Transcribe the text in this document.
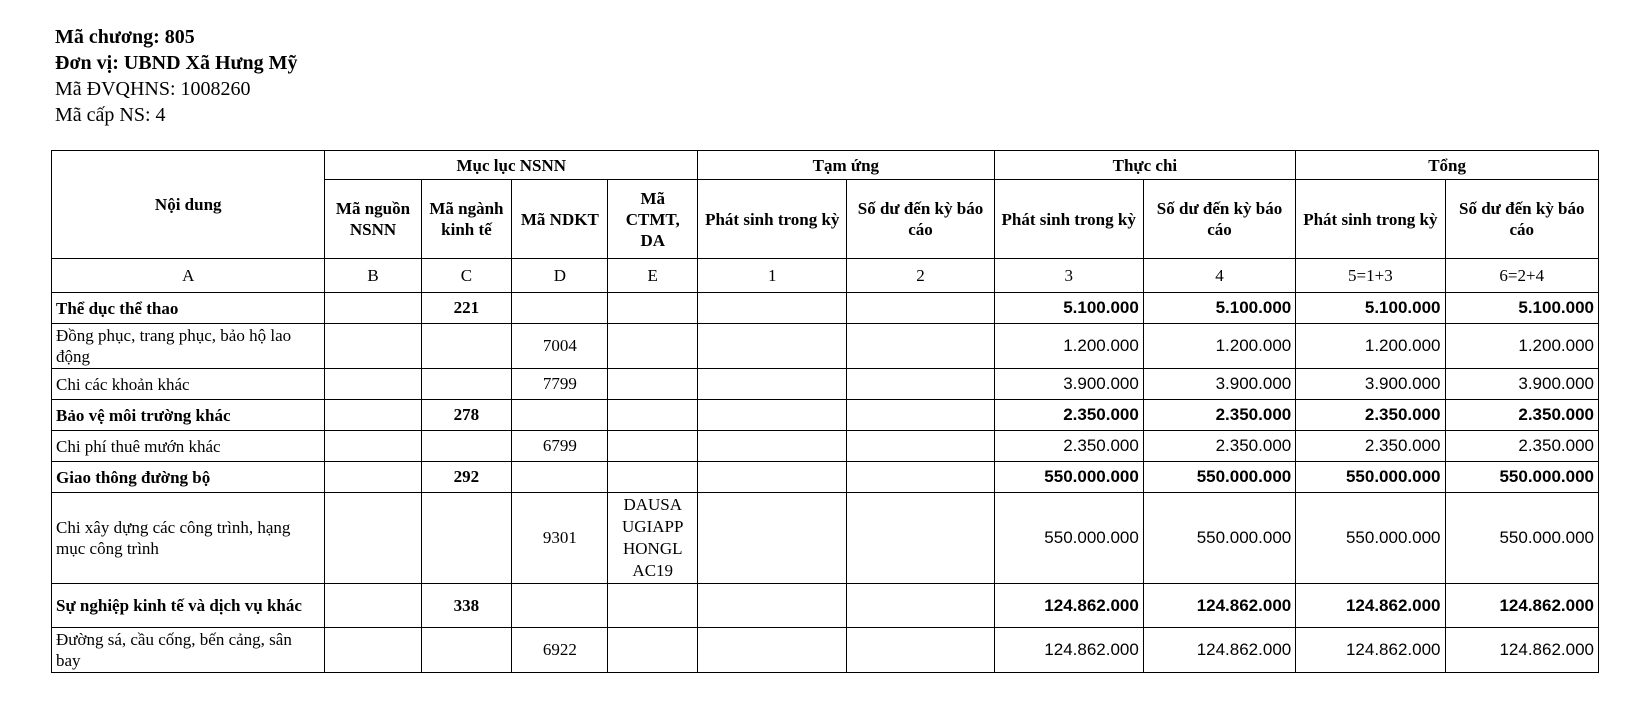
Mã chương: 805
Đơn vị: UBND Xã Hưng Mỹ
Mã ĐVQHNS: 1008260
Mã cấp NS: 4
Nội dung	Mục lục NSNN				Tạm ứng		Thực chi		Tổng	
	Mã nguồn NSNN	Mã ngành kinh tế	Mã NDKT	Mã CTMT, DA	Phát sinh trong kỳ	Số dư đến kỳ báo cáo	Phát sinh trong kỳ	Số dư đến kỳ báo cáo	Phát sinh trong kỳ	Số dư đến kỳ báo cáo
A	B	C	D	E	1	2	3	4	5=1+3	6=2+4
Thể dục thể thao		221					5.100.000	5.100.000	5.100.000	5.100.000
Đồng phục, trang phục, bảo hộ lao động			7004				1.200.000	1.200.000	1.200.000	1.200.000
Chi các khoản khác			7799				3.900.000	3.900.000	3.900.000	3.900.000
Bảo vệ môi trường khác		278					2.350.000	2.350.000	2.350.000	2.350.000
Chi phí thuê mướn khác			6799				2.350.000	2.350.000	2.350.000	2.350.000
Giao thông đường bộ		292					550.000.000	550.000.000	550.000.000	550.000.000
Chi xây dựng các công trình, hạng mục công trình			9301	DAUSA
UGIAPP
HONGL
AC19			550.000.000	550.000.000	550.000.000	550.000.000
Sự nghiệp kinh tế và dịch vụ khác		338					124.862.000	124.862.000	124.862.000	124.862.000
Đường sá, cầu cống, bến cảng, sân bay			6922				124.862.000	124.862.000	124.862.000	124.862.000
